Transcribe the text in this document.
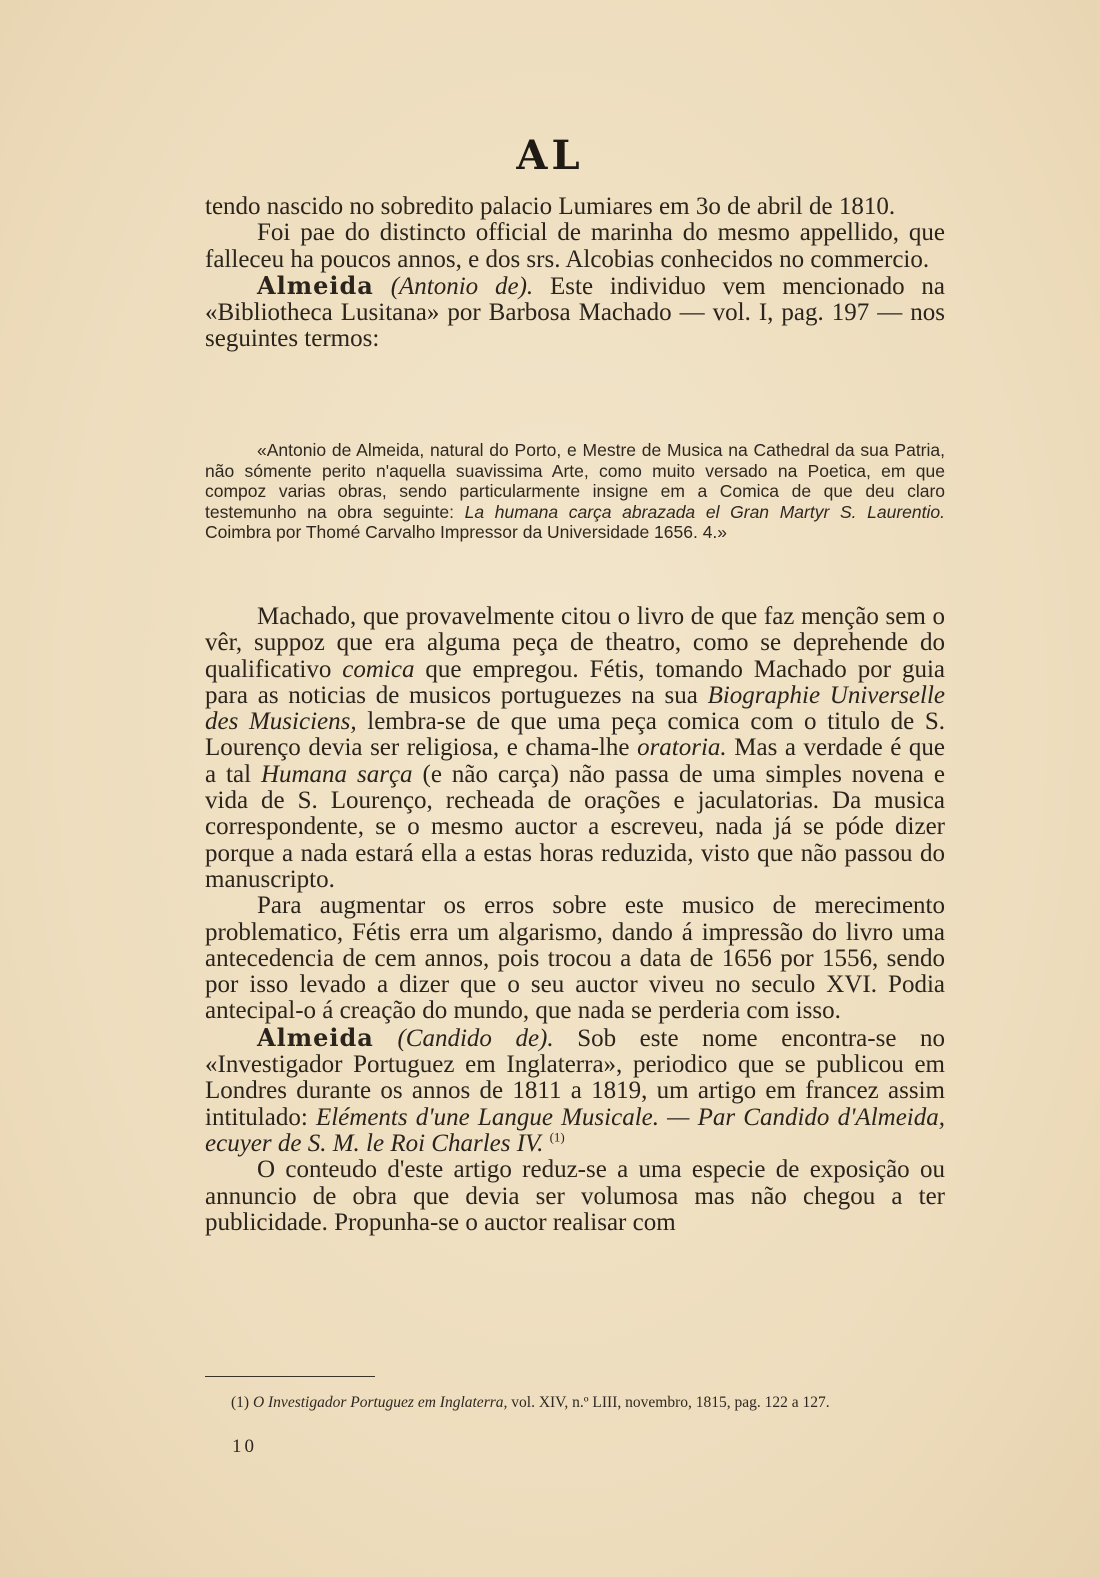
AL

tendo nascido no sobredito palacio Lumiares em 3o de abril de 1810.

Foi pae do distincto official de marinha do mesmo appellido, que falleceu ha poucos annos, e dos srs. Alcobias conhecidos no commercio.

Almeida (Antonio de). Este individuo vem mencionado na «Bibliotheca Lusitana» por Barbosa Machado — vol. I, pag. 197 — nos seguintes termos:

«Antonio de Almeida, natural do Porto, e Mestre de Musica na Cathedral da sua Patria, não sómente perito n'aquella suavissima Arte, como muito versado na Poetica, em que compoz varias obras, sendo particularmente insigne em a Comica de que deu claro testemunho na obra seguinte: La humana carça abrazada el Gran Martyr S. Laurentio. Coimbra por Thomé Carvalho Impressor da Universidade 1656. 4.»

Machado, que provavelmente citou o livro de que faz menção sem o vêr, suppoz que era alguma peça de theatro, como se deprehende do qualificativo comica que empregou. Fétis, tomando Machado por guia para as noticias de musicos portuguezes na sua Biographie Universelle des Musiciens, lembra-se de que uma peça comica com o titulo de S. Lourenço devia ser religiosa, e chama-lhe oratoria. Mas a verdade é que a tal Humana sarça (e não carça) não passa de uma simples novena e vida de S. Lourenço, recheada de orações e jaculatorias. Da musica correspondente, se o mesmo auctor a escreveu, nada já se póde dizer porque a nada estará ella a estas horas reduzida, visto que não passou do manuscripto.

Para augmentar os erros sobre este musico de merecimento problematico, Fétis erra um algarismo, dando á impressão do livro uma antecedencia de cem annos, pois trocou a data de 1656 por 1556, sendo por isso levado a dizer que o seu auctor viveu no seculo XVI. Podia antecipal-o á creação do mundo, que nada se perderia com isso.

Almeida (Candido de). Sob este nome encontra-se no «Investigador Portuguez em Inglaterra», periodico que se publicou em Londres durante os annos de 1811 a 1819, um artigo em francez assim intitulado: Eléments d'une Langue Musicale. — Par Candido d'Almeida, ecuyer de S. M. le Roi Charles IV. $^{(1)}$

O conteudo d'este artigo reduz-se a uma especie de exposição ou annuncio de obra que devia ser volumosa mas não chegou a ter publicidade. Propunha-se o auctor realisar com

(1) O Investigador Portuguez em Inglaterra, vol. XIV, n.º LIII, novembro, 1815, pag. 122 a 127.

10
